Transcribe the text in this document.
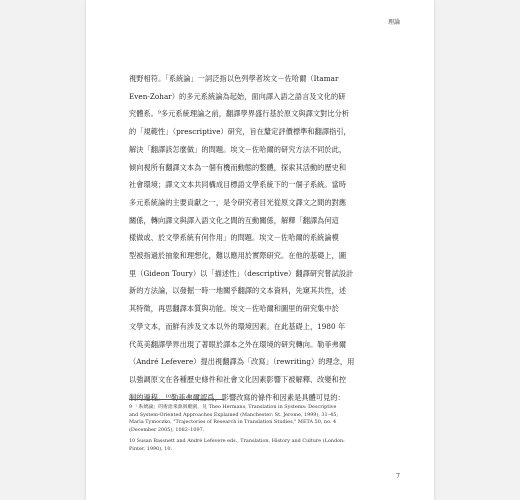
理論
視野相符。「系統論」一詞泛指以色列學者埃文－佐哈爾（Itamar
Even-Zohar）的多元系統論為起始，面向譯入語之語言及文化的研
究體系。⁹多元系統理論之前，翻譯學界盛行基於原文與譯文對比分析
的「規範性」（prescriptive）研究，旨在釐定評價標準和翻譯指引，
解決「翻譯該怎麼做」的問題。埃文－佐哈爾的研究方法不同於此，
傾向視所有翻譯文本為一個有機而動態的整體，探索其活動的歷史和
社會環境；譯文文本共同構成目標語文學系統下的一個子系統。當時
多元系統論的主要貢獻之一，是令研究者目光從原文譯文之間的對應
關係，轉向譯文與譯入語文化之間的互動關係，解釋「翻譯為何這
樣做或、於文學系統有何作用」的問題。埃文－佐哈爾的系統論模
型被指過於抽象和理想化，難以應用於實際研究。在他的基礎上，圖
里（Gideon Toury）以「描述性」（descriptive）翻譯研究嘗試設計
新的方法論，以發掘一時一地關乎翻譯的文本資料，先窺其共性，述
其特徵，再思翻譯本質與功能。埃文－佐哈爾和圖里的研究集中於
文學文本，而鮮有涉及文本以外的環境因素。在此基礎上，1980 年
代英美翻譯學界出現了著眼於譯本之外在環境的研究轉向。勒菲弗爾
（André Lefevere）提出視翻譯為「改寫」（rewriting）的理念，用
以強調原文在各種歷史條件和社會文化因素影響下被解釋、改變和控
制的過程。¹⁰勒菲弗爾認爲，影響改寫的條件和因素是具體可見的：
9 「系統論」的術語來源與範圍，見 Theo Hermans, Translation in Systems: Descriptive
and System-Oriented Approaches Explained (Manchester: St. Jerome, 1999), 31–45;
Maria Tymoczko, "Trajectories of Research in Translation Studies," META 50, no. 4
(December 2005), 1082–1097.
10 Susan Bassnett and André Lefevere eds., Translation, History and Culture (London:
Pinter, 1990), 10.
7
